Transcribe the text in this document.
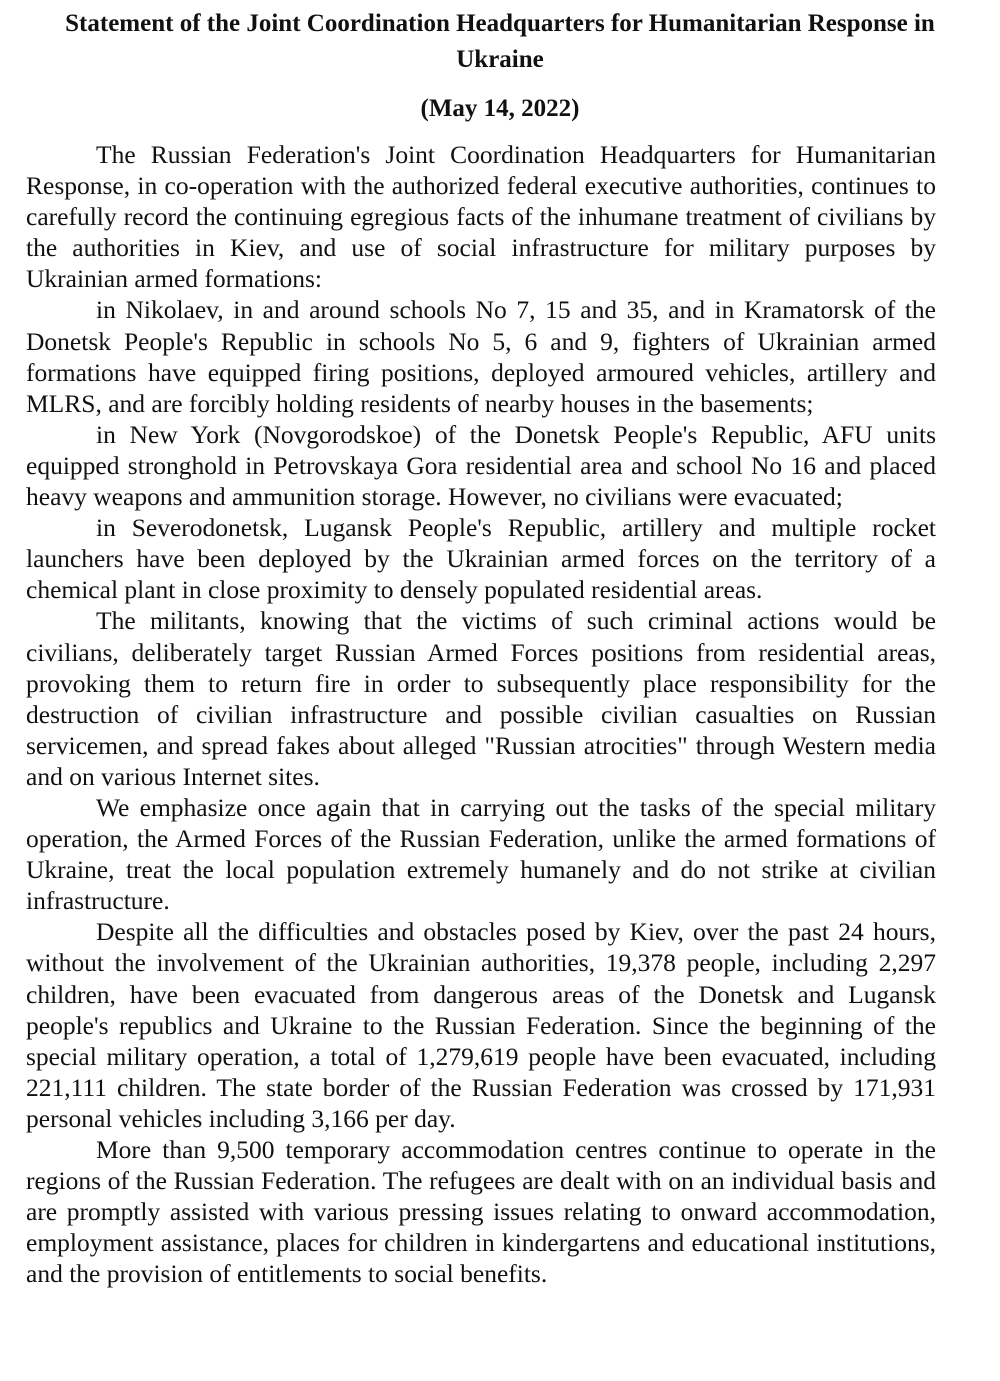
Statement of the Joint Coordination Headquarters for Humanitarian Response in Ukraine
(May 14, 2022)

The Russian Federation's Joint Coordination Headquarters for Humanitarian Response, in co-operation with the authorized federal executive authorities, continues to carefully record the continuing egregious facts of the inhumane treatment of civilians by the authorities in Kiev, and use of social infrastructure for military purposes by Ukrainian armed formations:

in Nikolaev, in and around schools No 7, 15 and 35, and in Kramatorsk of the Donetsk People's Republic in schools No 5, 6 and 9, fighters of Ukrainian armed formations have equipped firing positions, deployed armoured vehicles, artillery and MLRS, and are forcibly holding residents of nearby houses in the basements;

in New York (Novgorodskoe) of the Donetsk People's Republic, AFU units equipped stronghold in Petrovskaya Gora residential area and school No 16 and placed heavy weapons and ammunition storage. However, no civilians were evacuated;

in Severodonetsk, Lugansk People's Republic, artillery and multiple rocket launchers have been deployed by the Ukrainian armed forces on the territory of a chemical plant in close proximity to densely populated residential areas.

The militants, knowing that the victims of such criminal actions would be civilians, deliberately target Russian Armed Forces positions from residential areas, provoking them to return fire in order to subsequently place responsibility for the destruction of civilian infrastructure and possible civilian casualties on Russian servicemen, and spread fakes about alleged "Russian atrocities" through Western media and on various Internet sites.

We emphasize once again that in carrying out the tasks of the special military operation, the Armed Forces of the Russian Federation, unlike the armed formations of Ukraine, treat the local population extremely humanely and do not strike at civilian infrastructure.

Despite all the difficulties and obstacles posed by Kiev, over the past 24 hours, without the involvement of the Ukrainian authorities, 19,378 people, including 2,297 children, have been evacuated from dangerous areas of the Donetsk and Lugansk people's republics and Ukraine to the Russian Federation. Since the beginning of the special military operation, a total of 1,279,619 people have been evacuated, including 221,111 children. The state border of the Russian Federation was crossed by 171,931 personal vehicles including 3,166 per day.

More than 9,500 temporary accommodation centres continue to operate in the regions of the Russian Federation. The refugees are dealt with on an individual basis and are promptly assisted with various pressing issues relating to onward accommodation, employment assistance, places for children in kindergartens and educational institutions, and the provision of entitlements to social benefits.
